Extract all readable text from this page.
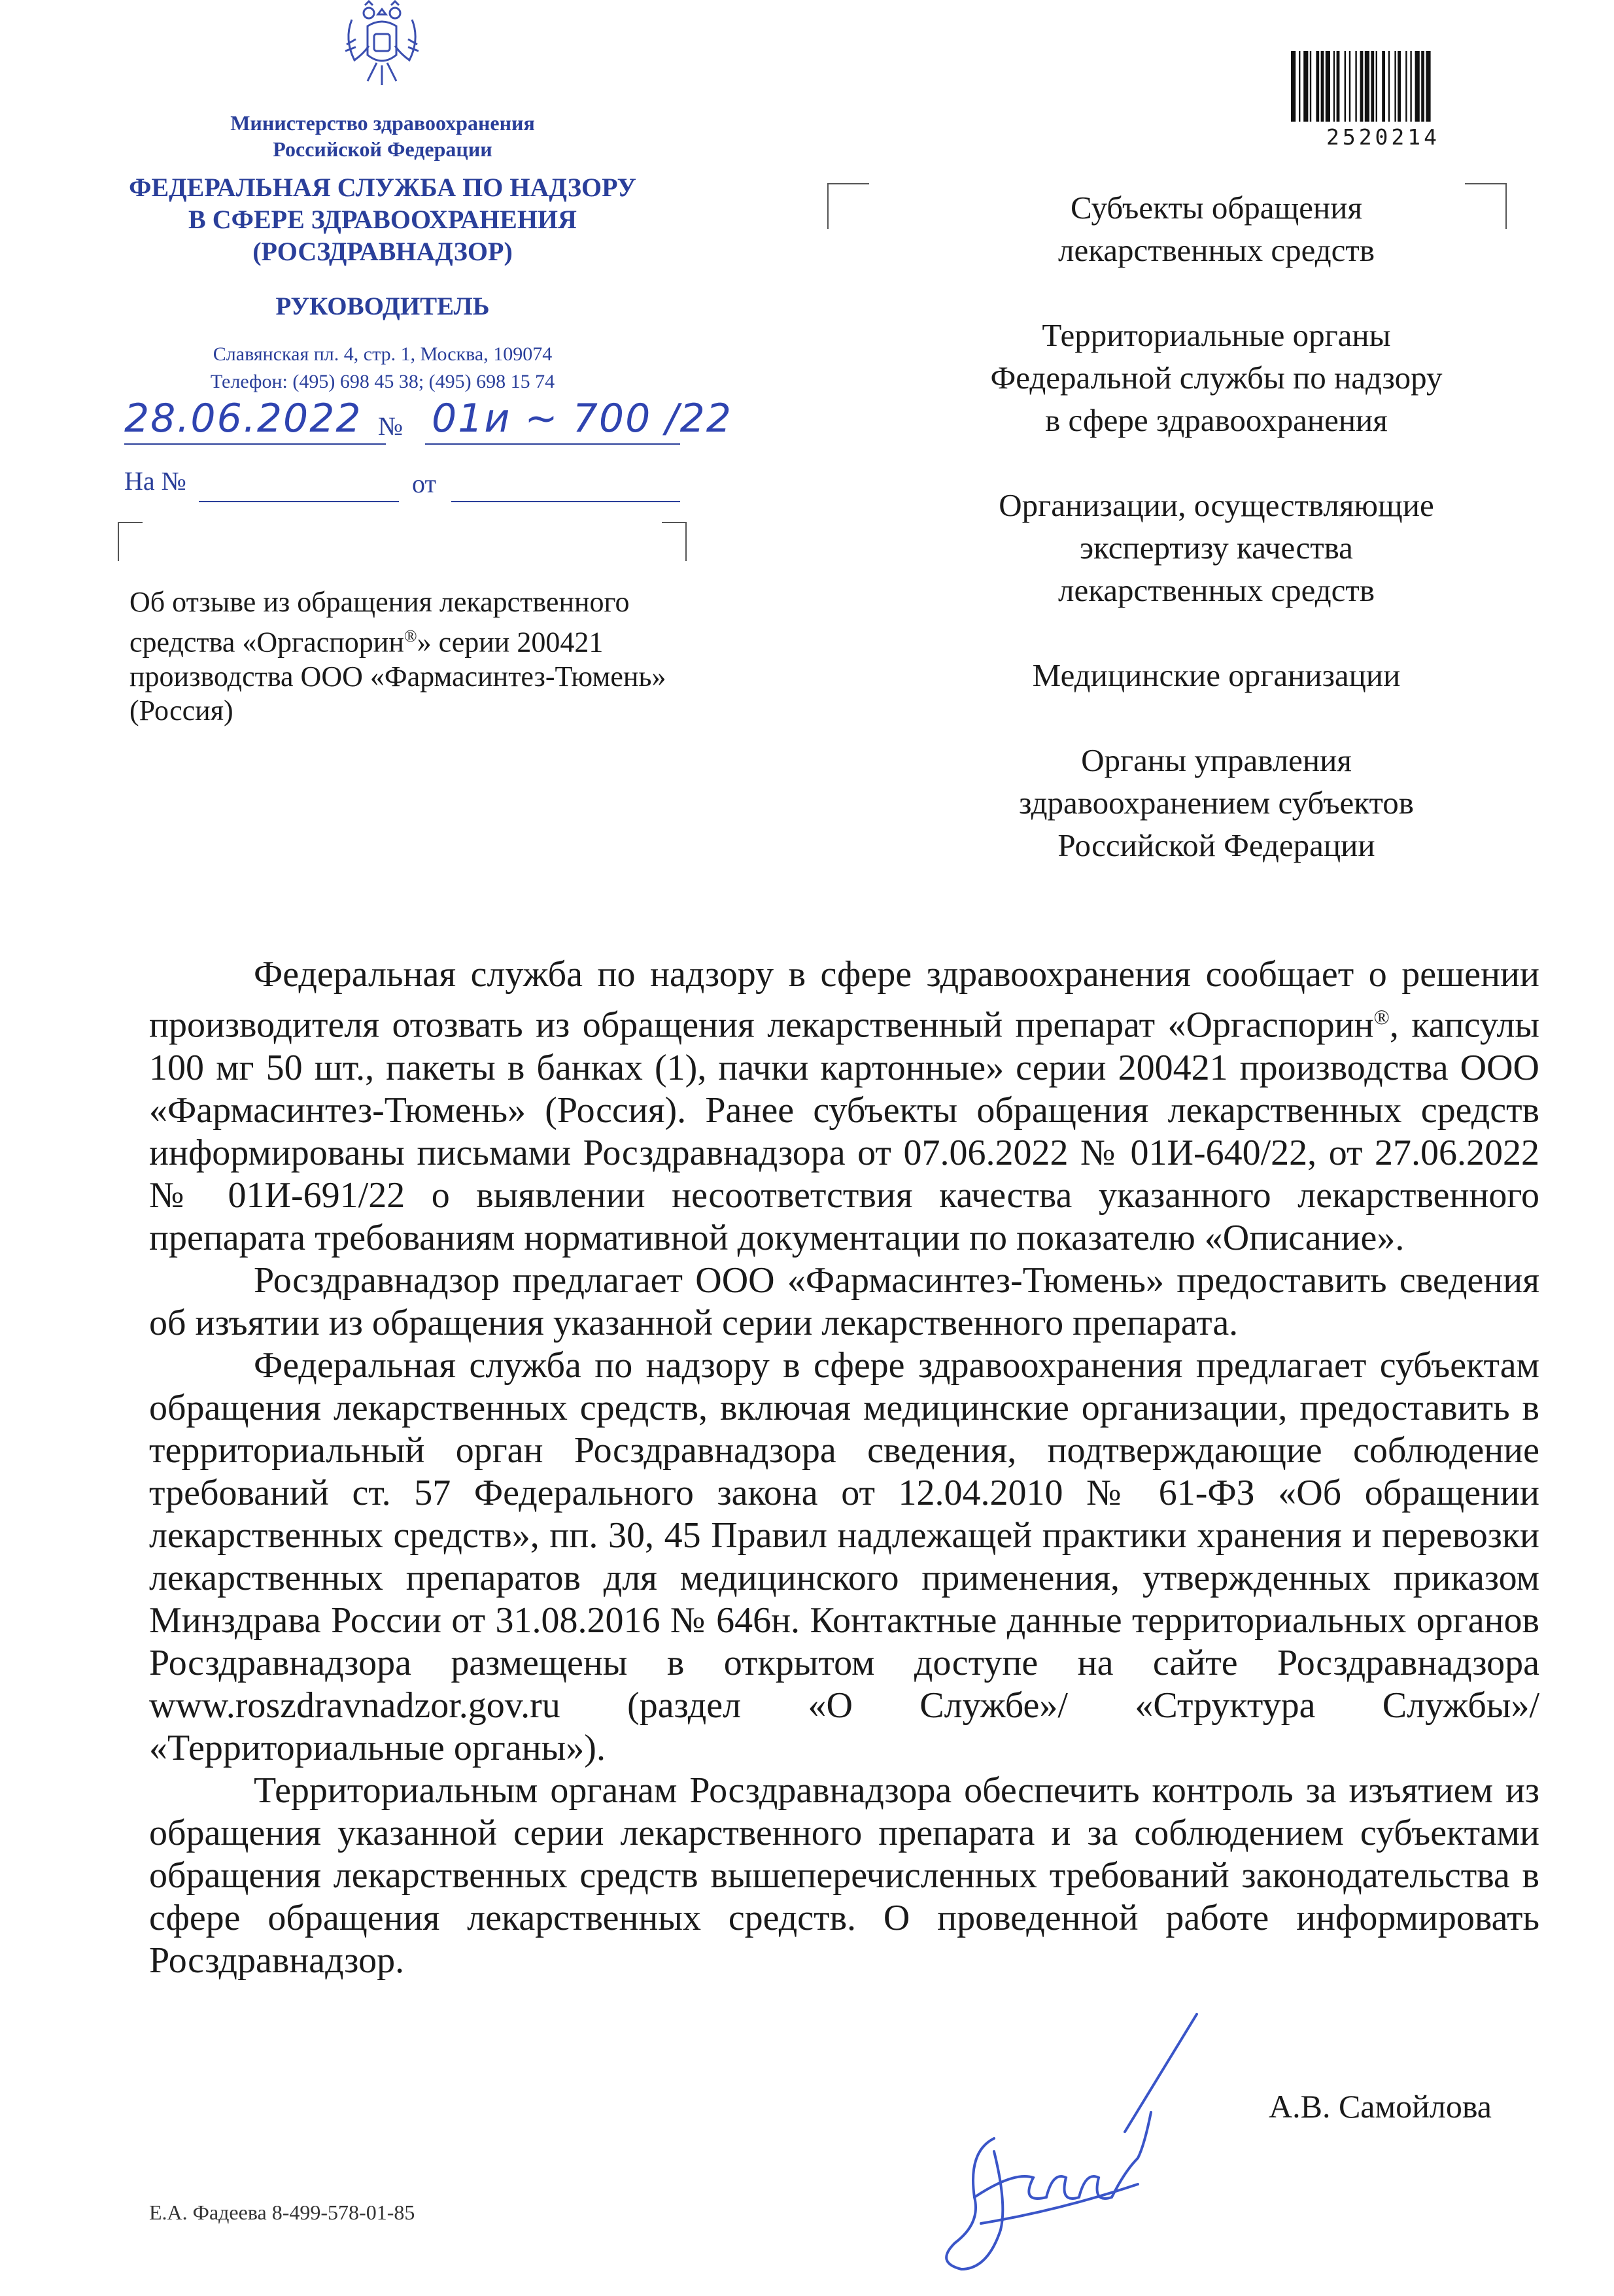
Министерство здравоохранения
Российской Федерации
ФЕДЕРАЛЬНАЯ СЛУЖБА ПО НАДЗОРУ
В СФЕРЕ ЗДРАВООХРАНЕНИЯ
(РОСЗДРАВНАДЗОР)
РУКОВОДИТЕЛЬ
Славянская пл. 4, стр. 1, Москва, 109074
Телефон: (495) 698 45 38; (495) 698 15 74
28.06.2022 № 01и ~ 700 /22
На №	от
Об отзыве из обращения лекарственного
средства «Оргаспорин®» серии 200421
производства ООО «Фармасинтез-Тюмень»
(Россия)
2520214
Субъекты обращения
лекарственных средств
Территориальные органы
Федеральной службы по надзору
в сфере здравоохранения
Организации, осуществляющие
экспертизу качества
лекарственных средств
Медицинские организации
Органы управления
здравоохранением субъектов
Российской Федерации

Федеральная служба по надзору в сфере здравоохранения сообщает о решении производителя отозвать из обращения лекарственный препарат «Оргаспорин®, капсулы 100 мг 50 шт., пакеты в банках (1), пачки картонные» серии 200421 производства ООО «Фармасинтез-Тюмень» (Россия). Ранее субъекты обращения лекарственных средств информированы письмами Росздравнадзора от 07.06.2022 № 01И-640/22, от 27.06.2022 № 01И-691/22 о выявлении несоответствия качества указанного лекарственного препарата требованиям нормативной документации по показателю «Описание».

Росздравнадзор предлагает ООО «Фармасинтез-Тюмень» предоставить сведения об изъятии из обращения указанной серии лекарственного препарата.

Федеральная служба по надзору в сфере здравоохранения предлагает субъектам обращения лекарственных средств, включая медицинские организации, предоставить в территориальный орган Росздравнадзора сведения, подтверждающие соблюдение требований ст. 57 Федерального закона от 12.04.2010 № 61-ФЗ «Об обращении лекарственных средств», пп. 30, 45 Правил надлежащей практики хранения и перевозки лекарственных препаратов для медицинского применения, утвержденных приказом Минздрава России от 31.08.2016 № 646н. Контактные данные территориальных органов Росздравнадзора размещены в открытом доступе на сайте Росздравнадзора www.roszdravnadzor.gov.ru (раздел «О Службе»/ «Структура Службы»/ «Территориальные органы»).

Территориальным органам Росздравнадзора обеспечить контроль за изъятием из обращения указанной серии лекарственного препарата и за соблюдением субъектами обращения лекарственных средств вышеперечисленных требований законодательства в сфере обращения лекарственных средств. О проведенной работе информировать Росздравнадзор.

А.В. Самойлова
Е.А. Фадеева 8-499-578-01-85
